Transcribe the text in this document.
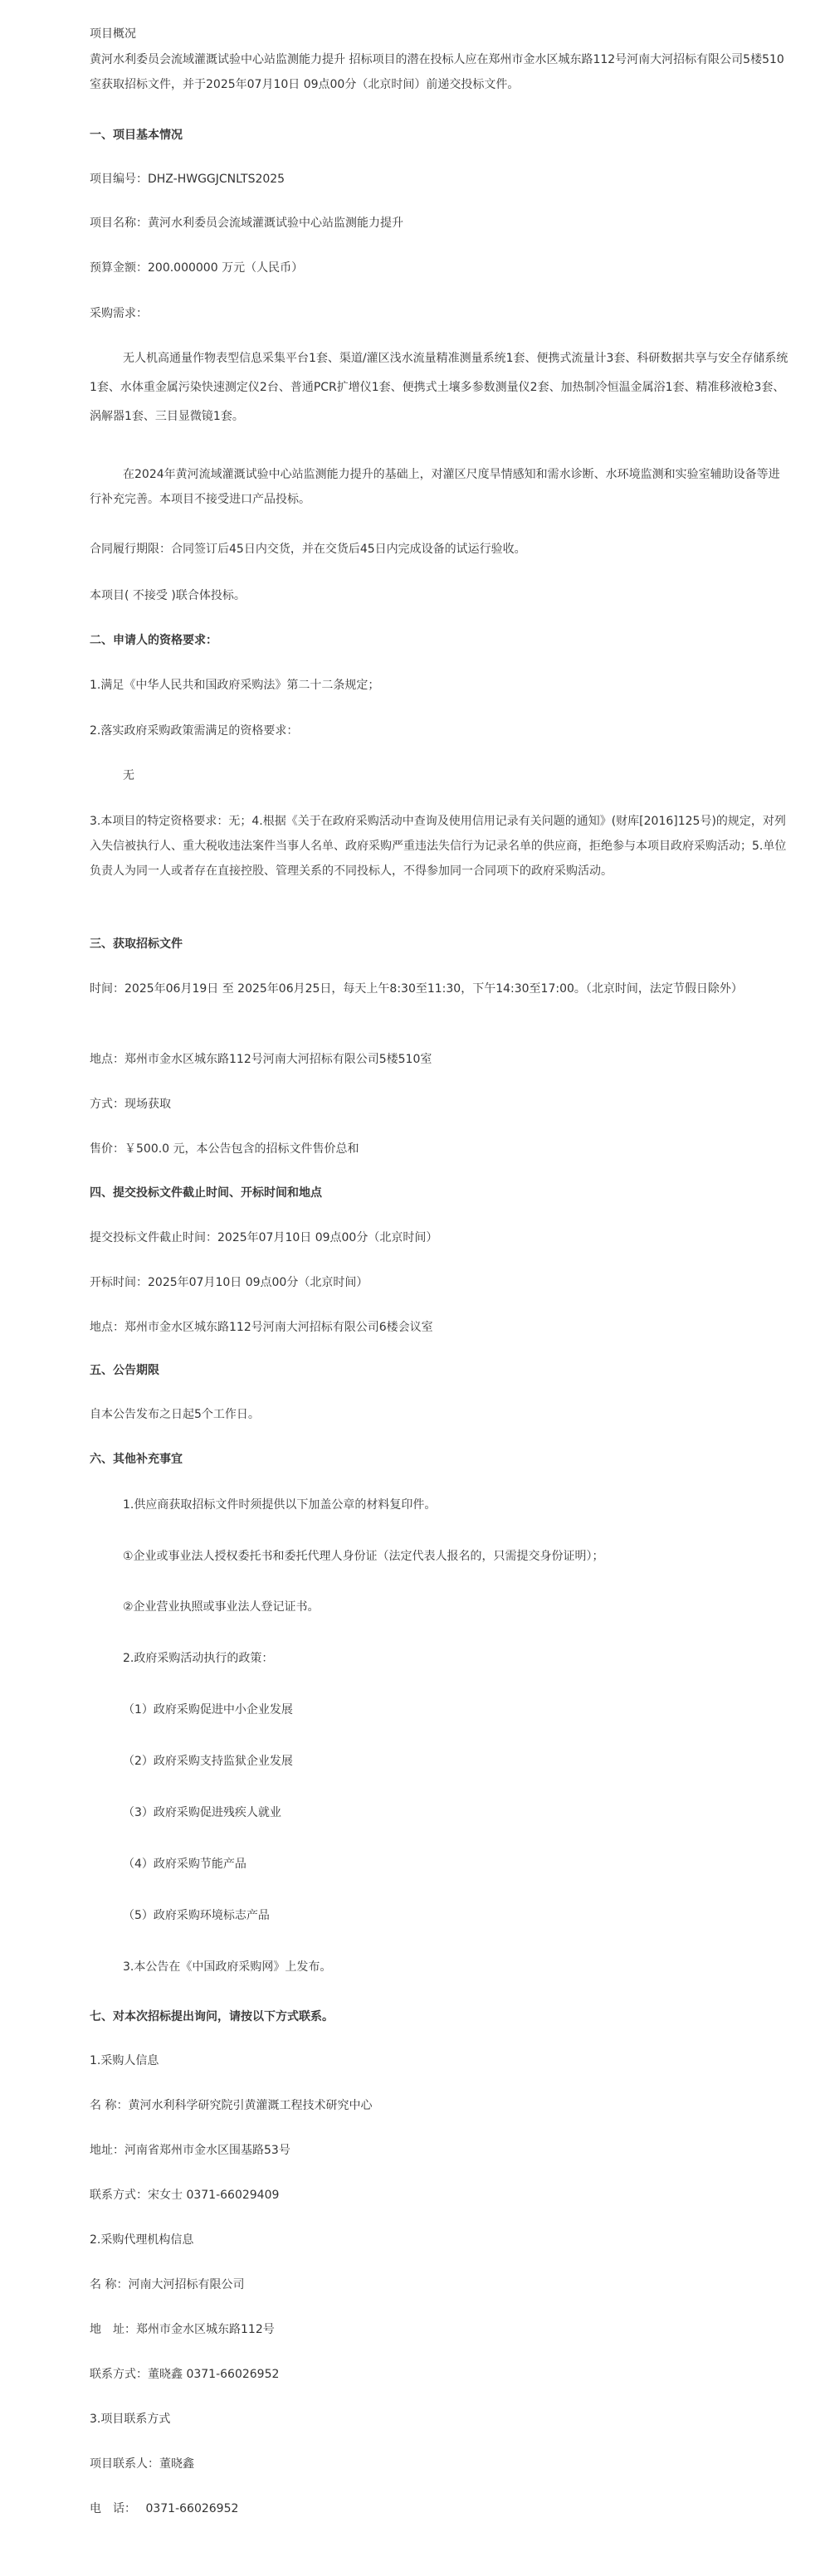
项目概况
黄河水利委员会流域灌溉试验中心站监测能力提升 招标项目的潜在投标人应在郑州市金水区城东路112号河南大河招标有限公司5楼510室获取招标文件，并于2025年07月10日 09点00分（北京时间）前递交投标文件。
一、项目基本情况
项目编号：DHZ-HWGGJCNLTS2025
项目名称：黄河水利委员会流域灌溉试验中心站监测能力提升
预算金额：200.000000 万元（人民币）
采购需求：
无人机高通量作物表型信息采集平台1套、渠道/灌区浅水流量精准测量系统1套、便携式流量计3套、科研数据共享与安全存储系统1套、水体重金属污染快速测定仪2台、普通PCR扩增仪1套、便携式土壤多参数测量仪2套、加热制冷恒温金属浴1套、精准移液枪3套、涡解器1套、三目显微镜1套。
在2024年黄河流域灌溉试验中心站监测能力提升的基础上，对灌区尺度旱情感知和需水诊断、水环境监测和实验室辅助设备等进行补充完善。本项目不接受进口产品投标。
合同履行期限：合同签订后45日内交货，并在交货后45日内完成设备的试运行验收。
本项目( 不接受 )联合体投标。
二、申请人的资格要求：
1.满足《中华人民共和国政府采购法》第二十二条规定；
2.落实政府采购政策需满足的资格要求：
无
3.本项目的特定资格要求：无；4.根据《关于在政府采购活动中查询及使用信用记录有关问题的通知》(财库[2016]125号)的规定，对列入失信被执行人、重大税收违法案件当事人名单、政府采购严重违法失信行为记录名单的供应商，拒绝参与本项目政府采购活动；5.单位负责人为同一人或者存在直接控股、管理关系的不同投标人，不得参加同一合同项下的政府采购活动。
三、获取招标文件
时间：2025年06月19日 至 2025年06月25日，每天上午8:30至11:30，下午14:30至17:00。（北京时间，法定节假日除外）
地点：郑州市金水区城东路112号河南大河招标有限公司5楼510室
方式：现场获取
售价：￥500.0 元，本公告包含的招标文件售价总和
四、提交投标文件截止时间、开标时间和地点
提交投标文件截止时间：2025年07月10日 09点00分（北京时间）
开标时间：2025年07月10日 09点00分（北京时间）
地点：郑州市金水区城东路112号河南大河招标有限公司6楼会议室
五、公告期限
自本公告发布之日起5个工作日。
六、其他补充事宜
1.供应商获取招标文件时须提供以下加盖公章的材料复印件。
①企业或事业法人授权委托书和委托代理人身份证（法定代表人报名的，只需提交身份证明）；
②企业营业执照或事业法人登记证书。
2.政府采购活动执行的政策：
（1）政府采购促进中小企业发展
（2）政府采购支持监狱企业发展
（3）政府采购促进残疾人就业
（4）政府采购节能产品
（5）政府采购环境标志产品
3.本公告在《中国政府采购网》上发布。
七、对本次招标提出询问，请按以下方式联系。
1.采购人信息
名 称：黄河水利科学研究院引黄灌溉工程技术研究中心
地址：河南省郑州市金水区围基路53号
联系方式：宋女士 0371-66029409
2.采购代理机构信息
名 称：河南大河招标有限公司
地　址：郑州市金水区城东路112号
联系方式：董晓鑫 0371-66026952
3.项目联系方式
项目联系人：董晓鑫
电　话：　 0371-66026952
